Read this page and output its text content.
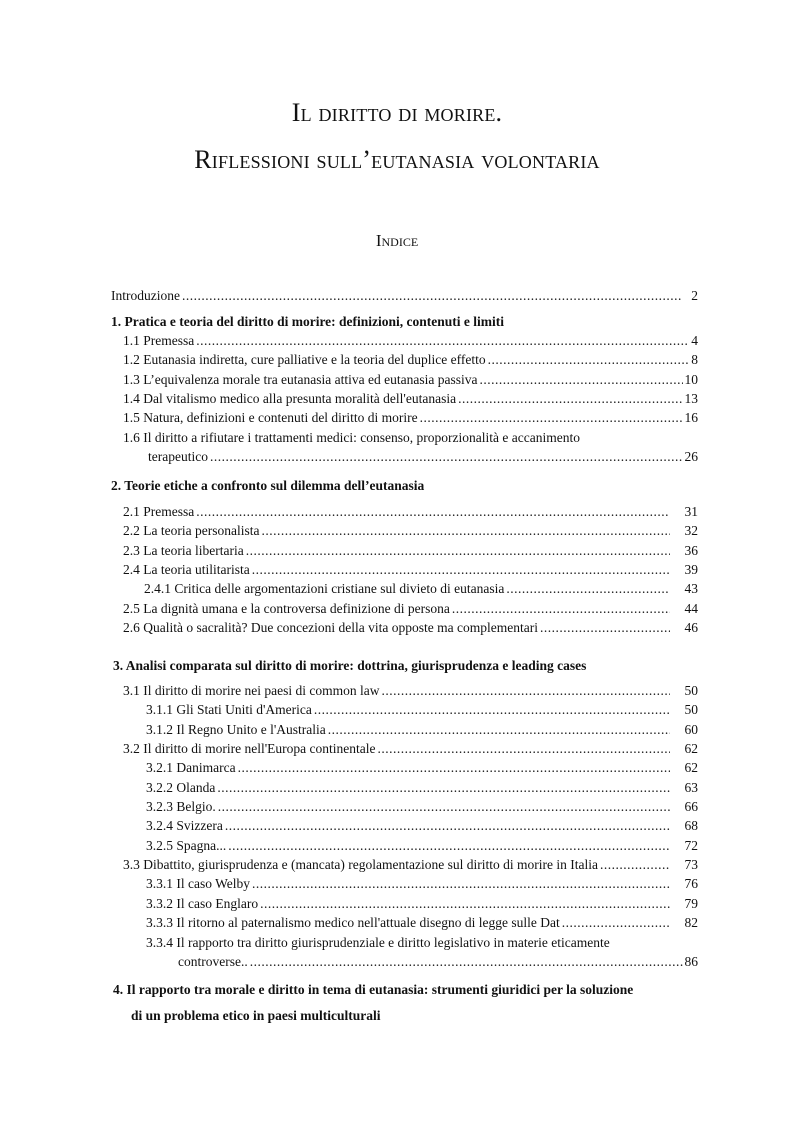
Il diritto di morire.
Riflessioni sull’eutanasia volontaria
Indice
Introduzione .....	2
1. Pratica e teoria del diritto di morire: definizioni, contenuti e limiti
1.1 Premessa .....	4
1.2 Eutanasia indiretta, cure palliative e la teoria del duplice effetto .....	8
1.3 L’equivalenza morale tra eutanasia attiva ed eutanasia passiva .....	10
1.4 Dal vitalismo medico alla presunta moralità dell'eutanasia .....	13
1.5 Natura, definizioni e contenuti del diritto di morire .....	16
1.6 Il diritto a rifiutare i trattamenti medici: consenso, proporzionalità e accanimento
terapeutico .....	26
2. Teorie etiche a confronto sul dilemma dell’eutanasia
2.1 Premessa .....	31
2.2 La teoria personalista .....	32
2.3 La teoria libertaria .....	36
2.4 La teoria utilitarista .....	39
2.4.1 Critica delle argomentazioni cristiane sul divieto di eutanasia .....	43
2.5 La dignità umana e la controversa definizione di persona .....	44
2.6 Qualità o sacralità? Due concezioni della vita opposte ma complementari .....	46
3. Analisi comparata sul diritto di morire: dottrina, giurisprudenza e leading cases
3.1 Il diritto di morire nei paesi di common law .....	50
3.1.1 Gli Stati Uniti d'America .....	50
3.1.2 Il Regno Unito e l'Australia .....	60
3.2 Il diritto di morire nell'Europa continentale .....	62
3.2.1 Danimarca .....	62
3.2.2 Olanda .....	63
3.2.3 Belgio. .....	66
3.2.4 Svizzera .....	68
3.2.5 Spagna... .....	72
3.3 Dibattito, giurisprudenza e (mancata) regolamentazione sul diritto di morire in Italia .....	73
3.3.1 Il caso Welby .....	76
3.3.2 Il caso Englaro .....	79
3.3.3 Il ritorno al paternalismo medico nell'attuale disegno di legge sulle Dat .....	82
3.3.4 Il rapporto tra diritto giurisprudenziale e diritto legislativo in materie eticamente
controverse.. .....	86
4. Il rapporto tra morale e diritto in tema di eutanasia: strumenti giuridici per la soluzione
di un problema etico in paesi multiculturali
